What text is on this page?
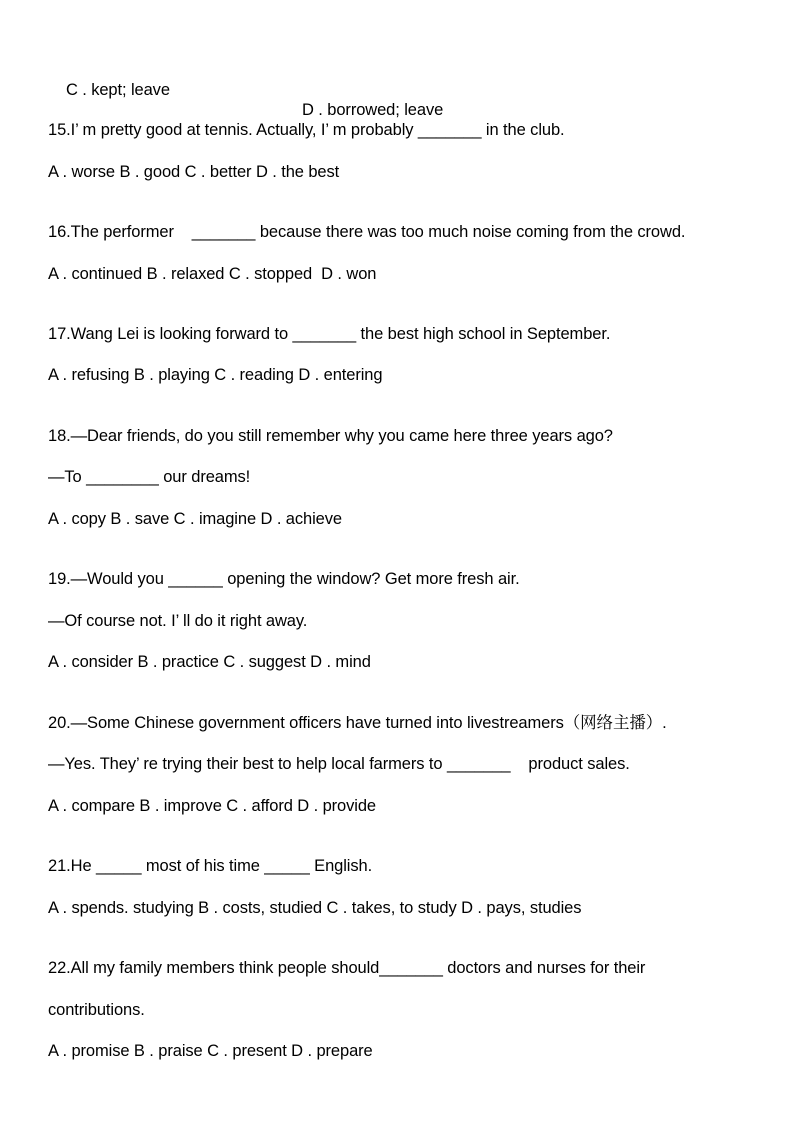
C . kept; leave

D . borrowed; leave

15.I’ m pretty good at tennis. Actually, I’ m probably _______ in the club.
A . worse B . good C . better D . the best
16.The performer    _______ because there was too much noise coming from the crowd.
A . continued B . relaxed C . stopped  D . won
17.Wang Lei is looking forward to _______ the best high school in September.
A . refusing B . playing C . reading D . entering
18.—Dear friends, do you still remember why you came here three years ago?
—To ________ our dreams!
A . copy B . save C . imagine D . achieve
19.—Would you ______ opening the window? Get more fresh air.
—Of course not. I’ ll do it right away.
A . consider B . practice C . suggest D . mind
20.—Some Chinese government officers have turned into livestreamers（网络主播）.
—Yes. They’ re trying their best to help local farmers to _______    product sales.
A . compare B . improve C . afford D . provide
21.He _____ most of his time _____ English.
A . spends. studying B . costs, studied C . takes, to study D . pays, studies
22.All my family members think people should_______ doctors and nurses for their
contributions.
A . promise B . praise C . present D . prepare
